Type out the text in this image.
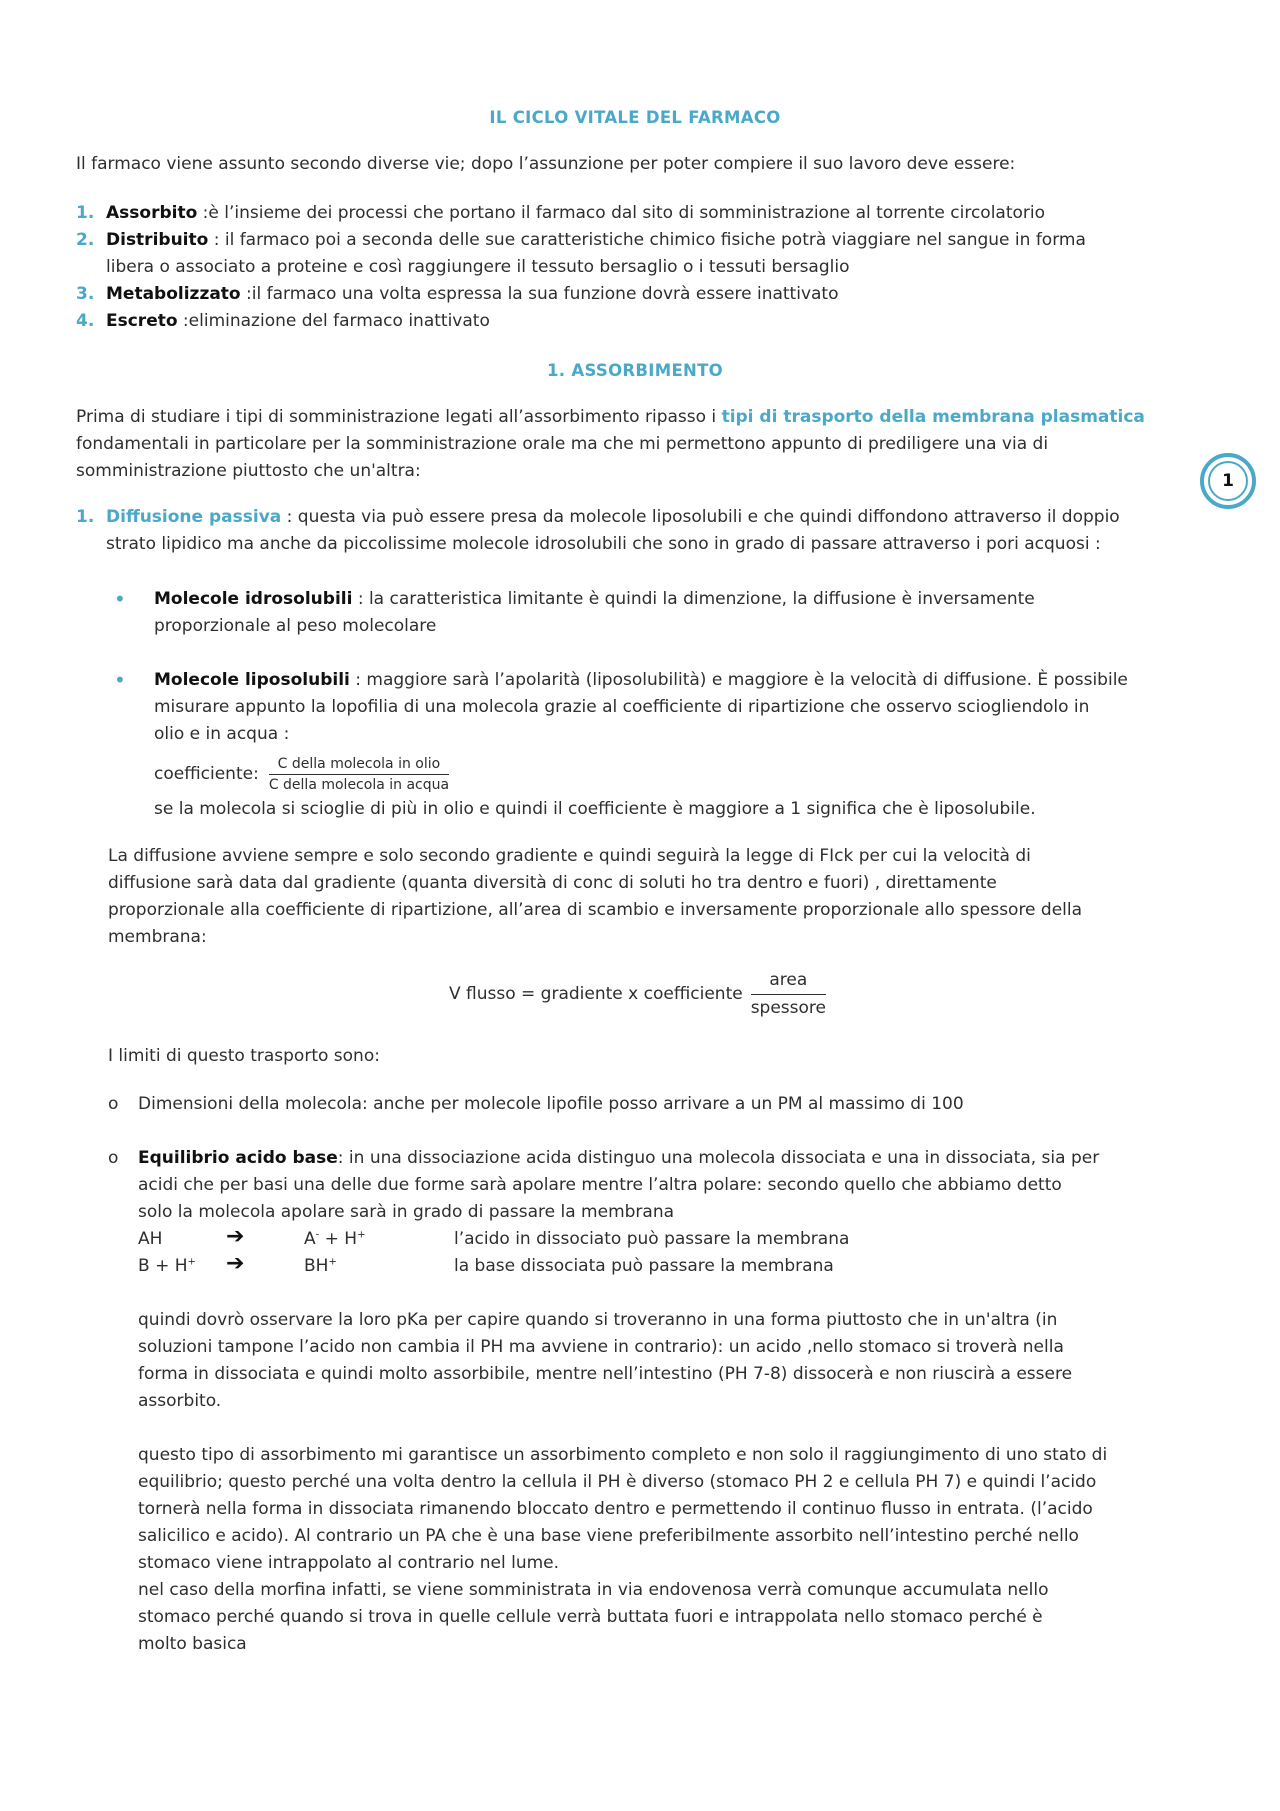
IL CICLO VITALE DEL FARMACO
Il farmaco viene assunto secondo diverse vie; dopo l’assunzione per poter compiere il suo lavoro deve essere:
1. Assorbito :è l’insieme dei processi che portano il farmaco dal sito di somministrazione al torrente circolatorio
2. Distribuito : il farmaco poi a seconda delle sue caratteristiche chimico fisiche potrà viaggiare nel sangue in forma
libera o associato a proteine e così raggiungere il tessuto bersaglio o i tessuti bersaglio
3. Metabolizzato :il farmaco una volta espressa la sua funzione dovrà essere inattivato
4. Escreto :eliminazione del farmaco inattivato
1. ASSORBIMENTO
Prima di studiare i tipi di somministrazione legati all’assorbimento ripasso i tipi di trasporto della membrana plasmatica
fondamentali in particolare per la somministrazione orale ma che mi permettono appunto di prediligere una via di
somministrazione piuttosto che un'altra:	1
1. Diffusione passiva : questa via può essere presa da molecole liposolubili e che quindi diffondono attraverso il doppio
strato lipidico ma anche da piccolissime molecole idrosolubili che sono in grado di passare attraverso i pori acquosi :
• Molecole idrosolubili : la caratteristica limitante è quindi la dimenzione, la diffusione è inversamente
proporzionale al peso molecolare
• Molecole liposolubili : maggiore sarà l’apolarità (liposolubilità) e maggiore è la velocità di diffusione. È possibile
misurare appunto la lopofilia di una molecola grazie al coefficiente di ripartizione che osservo sciogliendolo in
olio e in acqua :
coefficiente: $\frac{\text{C della molecola in olio}}{\text{C della molecola in acqua}}$
se la molecola si scioglie di più in olio e quindi il coefficiente è maggiore a 1 significa che è liposolubile.
La diffusione avviene sempre e solo secondo gradiente e quindi seguirà la legge di FIck per cui la velocità di
diffusione sarà data dal gradiente (quanta diversità di conc di soluti ho tra dentro e fuori) , direttamente
proporzionale alla coefficiente di ripartizione, all’area di scambio e inversamente proporzionale allo spessore della
membrana:
V flusso = gradiente x coefficiente $\frac{\text{area}}{\text{spessore}}$
I limiti di questo trasporto sono:
o Dimensioni della molecola: anche per molecole lipofile posso arrivare a un PM al massimo di 100
o Equilibrio acido base: in una dissociazione acida distinguo una molecola dissociata e una in dissociata, sia per
acidi che per basi una delle due forme sarà apolare mentre l’altra polare: secondo quello che abbiamo detto
solo la molecola apolare sarà in grado di passare la membrana
AH	➔	A- + H+	l’acido in dissociato può passare la membrana
B + H+ ➔	BH+	la base dissociata può passare la membrana
quindi dovrò osservare la loro pKa per capire quando si troveranno in una forma piuttosto che in un'altra (in
soluzioni tampone l’acido non cambia il PH ma avviene in contrario): un acido ,nello stomaco si troverà nella
forma in dissociata e quindi molto assorbibile, mentre nell’intestino (PH 7-8) dissocerà e non riuscirà a essere
assorbito.
questo tipo di assorbimento mi garantisce un assorbimento completo e non solo il raggiungimento di uno stato di
equilibrio; questo perché una volta dentro la cellula il PH è diverso (stomaco PH 2 e cellula PH 7) e quindi l’acido
tornerà nella forma in dissociata rimanendo bloccato dentro e permettendo il continuo flusso in entrata. (l’acido
salicilico e acido). Al contrario un PA che è una base viene preferibilmente assorbito nell’intestino perché nello
stomaco viene intrappolato al contrario nel lume.
nel caso della morfina infatti, se viene somministrata in via endovenosa verrà comunque accumulata nello
stomaco perché quando si trova in quelle cellule verrà buttata fuori e intrappolata nello stomaco perché è
molto basica
